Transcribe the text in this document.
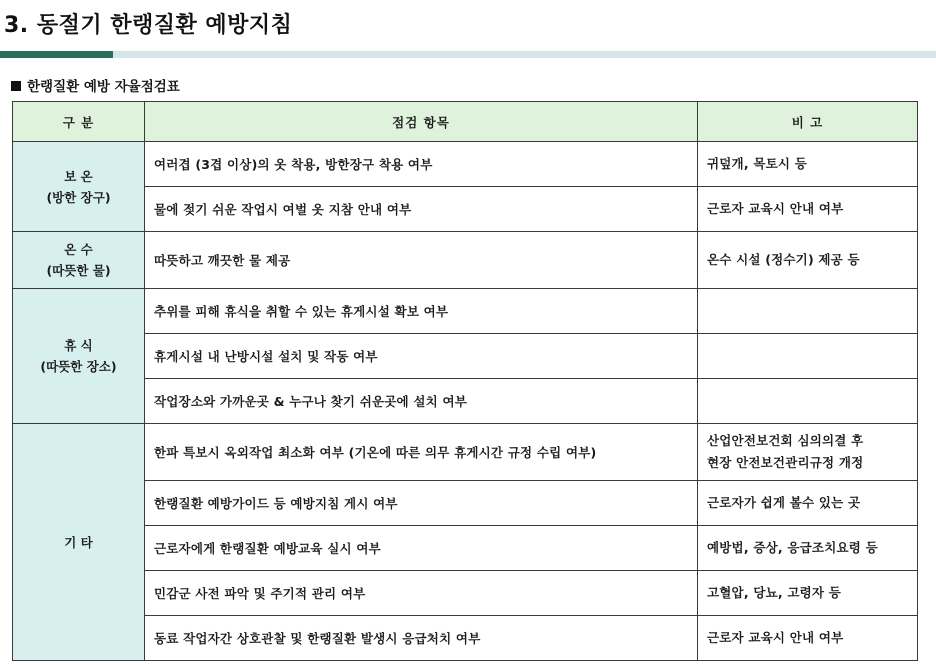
3. 동절기 한랭질환 예방지침
한랭질환 예방 자율점검표
구 분	점검 항목	비 고

보 온
(방한 장구)	여러겹 (3겹 이상)의 옷 착용, 방한장구 착용 여부	귀덮개, 목토시 등
	물에 젖기 쉬운 작업시 여벌 옷 지참 안내 여부	근로자 교육시 안내 여부

온 수
(따뜻한 물)	따뜻하고 깨끗한 물 제공	온수 시설 (정수기) 제공 등

휴 식
(따뜻한 장소)	추위를 피해 휴식을 취할 수 있는 휴게시설 확보 여부	
	휴게시설 내 난방시설 설치 및 작동 여부	
	작업장소와 가까운곳 & 누구나 찾기 쉬운곳에 설치 여부	

기 타	한파 특보시 옥외작업 최소화 여부 (기온에 따른 의무 휴게시간 규정 수립 여부)	산업안전보건회 심의의결 후
현장 안전보건관리규정 개정

	한랭질환 예방가이드 등 예방지침 게시 여부	근로자가 쉽게 볼수 있는 곳
	근로자에게 한랭질환 예방교육 실시 여부	예방법, 증상, 응급조치요령 등
	민감군 사전 파악 및 주기적 관리 여부	고혈압, 당뇨, 고령자 등
	동료 작업자간 상호관찰 및 한랭질환 발생시 응급처치 여부	근로자 교육시 안내 여부
